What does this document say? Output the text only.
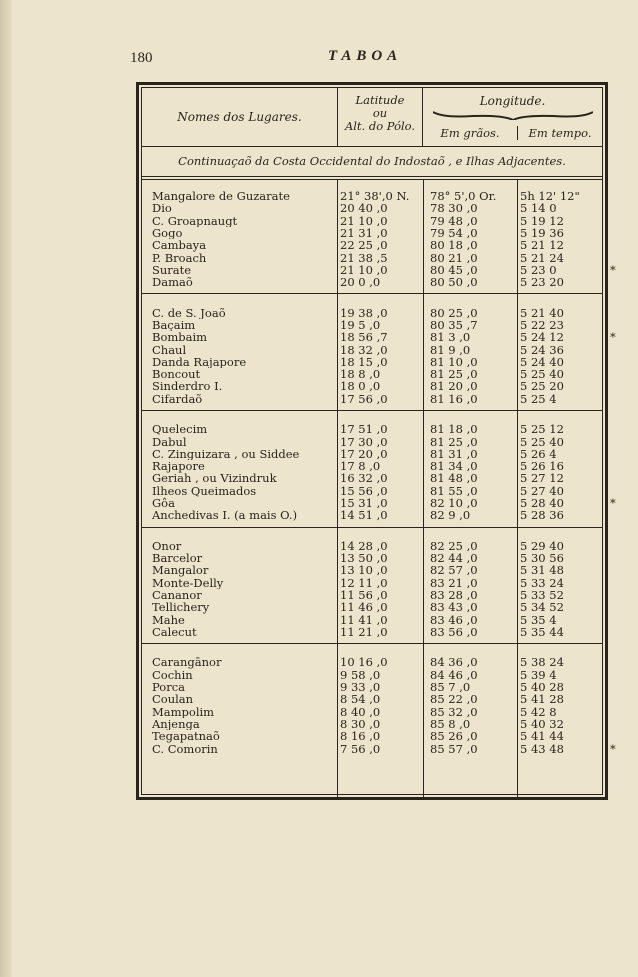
180	TABOA
Nomes dos Lugares.
Latitude
ou
Alt. do Pólo.
Longitude.
Em grãos.	Em tempo.
Continuaçaõ da Costa Occidental do Indostaõ , e Ilhas Adjacentes.
Mangalore de Guzarate	21° 38',0 N.	78° 5',0 Or.	5h 12' 12"
Dio	20 40 ,0	78 30 ,0	5 14 0
C. Groapnaugt	21 10 ,0	79 48 ,0	5 19 12
Gogo	21 31 ,0	79 54 ,0	5 19 36
Cambaya	22 25 ,0	80 18 ,0	5 21 12
P. Broach	21 38 ,5	80 21 ,0	5 21 24
Surate	21 10 ,0	80 45 ,0	5 23 0	*
Damaõ	20 0 ,0	80 50 ,0	5 23 20
C. de S. Joaõ	19 38 ,0	80 25 ,0	5 21 40
Baçaim	19 5 ,0	80 35 ,7	5 22 23
Bombaim	18 56 ,7	81 3 ,0	5 24 12	*
Chaul	18 32 ,0	81 9 ,0	5 24 36
Danda Rajapore	18 15 ,0	81 10 ,0	5 24 40
Boncout	18 8 ,0	81 25 ,0	5 25 40
Sinderdro I.	18 0 ,0	81 20 ,0	5 25 20
Cifardaõ	17 56 ,0	81 16 ,0	5 25 4
Quelecim	17 51 ,0	81 18 ,0	5 25 12
Dabul	17 30 ,0	81 25 ,0	5 25 40
C. Zinguizara , ou Siddee	17 20 ,0	81 31 ,0	5 26 4
Rajapore	17 8 ,0	81 34 ,0	5 26 16
Geriah , ou Vizindruk	16 32 ,0	81 48 ,0	5 27 12
Ilheos Queimados	15 56 ,0	81 55 ,0	5 27 40
Gôa	15 31 ,0	82 10 ,0	5 28 40	*
Anchedivas I. (a mais O.)	14 51 ,0	82 9 ,0	5 28 36
Onor	14 28 ,0	82 25 ,0	5 29 40
Barcelor	13 50 ,0	82 44 ,0	5 30 56
Mangalor	13 10 ,0	82 57 ,0	5 31 48
Monte-Delly	12 11 ,0	83 21 ,0	5 33 24
Cananor	11 56 ,0	83 28 ,0	5 33 52
Tellichery	11 46 ,0	83 43 ,0	5 34 52
Mahe	11 41 ,0	83 46 ,0	5 35 4
Calecut	11 21 ,0	83 56 ,0	5 35 44
Carangānor	10 16 ,0	84 36 ,0	5 38 24
Cochin	9 58 ,0	84 46 ,0	5 39 4
Porca	9 33 ,0	85 7 ,0	5 40 28
Coulan	8 54 ,0	85 22 ,0	5 41 28
Mampolim	8 40 ,0	85 32 ,0	5 42 8
Anjenga	8 30 ,0	85 8 ,0	5 40 32
Tegapatnaõ	8 16 ,0	85 26 ,0	5 41 44
C. Comorin	7 56 ,0	85 57 ,0	5 43 48	*
